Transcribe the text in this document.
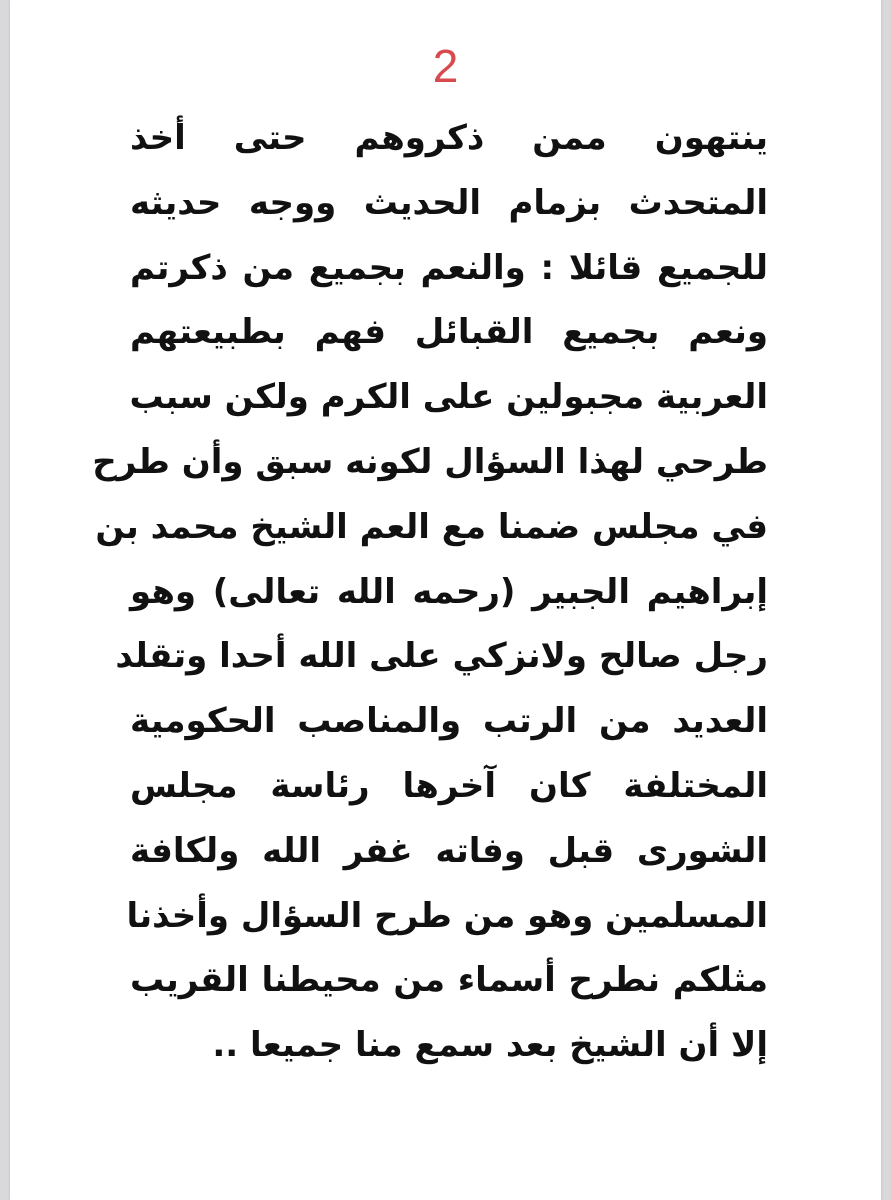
2
ينتهون ممن ذكروهم حتى أخذ
المتحدث بزمام الحديث ووجه حديثه
للجميع قائلا : والنعم بجميع من ذكرتم
ونعم بجميع القبائل فهم بطبيعتهم
العربية مجبولين على الكرم ولكن سبب
طرحي لهذا السؤال لكونه سبق وأن طرح
في مجلس ضمنا مع العم الشيخ محمد بن
إبراهيم الجبير (رحمه الله تعالى) وهو
رجل صالح ولانزكي على الله أحدا وتقلد
العديد من الرتب والمناصب الحكومية
المختلفة كان آخرها رئاسة مجلس
الشورى قبل وفاته غفر الله ولكافة
المسلمين وهو من طرح السؤال وأخذنا
مثلكم نطرح أسماء من محيطنا القريب
إلا أن الشيخ بعد سمع منا جميعا ..
